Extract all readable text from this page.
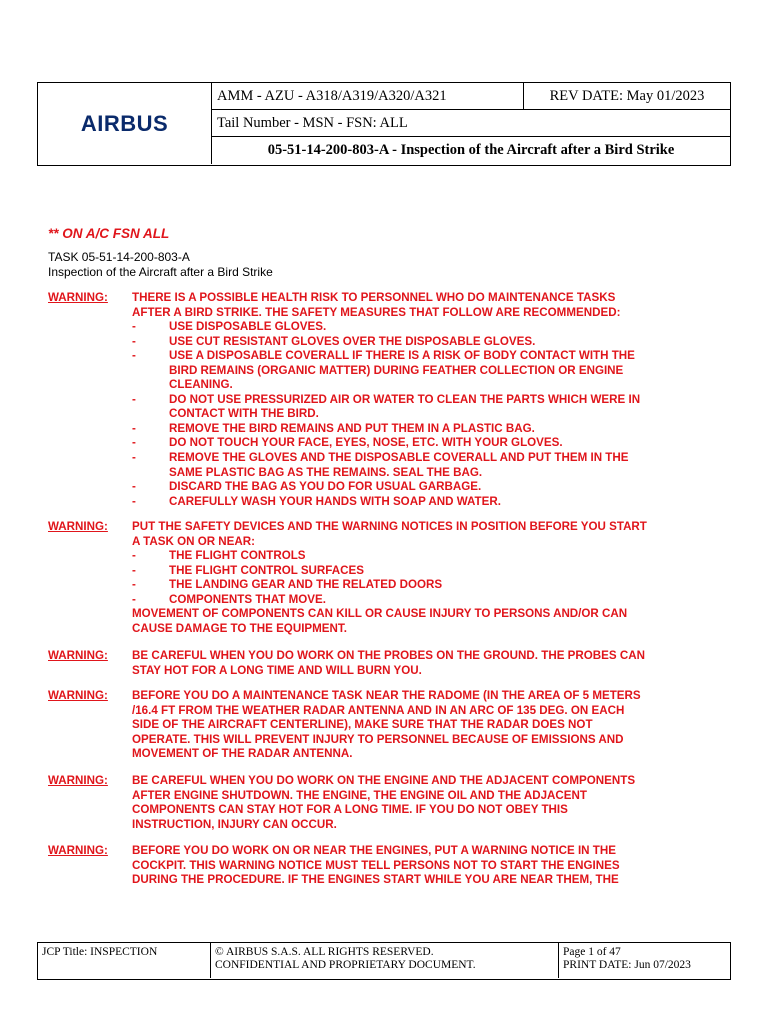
AIRBUS
AMM - AZU - A318/A319/A320/A321	REV DATE: May 01/2023
Tail Number - MSN - FSN: ALL
05-51-14-200-803-A - Inspection of the Aircraft after a Bird Strike
** ON A/C FSN ALL
TASK 05-51-14-200-803-A
Inspection of the Aircraft after a Bird Strike
WARNING: THERE IS A POSSIBLE HEALTH RISK TO PERSONNEL WHO DO MAINTENANCE TASKS
AFTER A BIRD STRIKE. THE SAFETY MEASURES THAT FOLLOW ARE RECOMMENDED:
-	USE DISPOSABLE GLOVES.
-	USE CUT RESISTANT GLOVES OVER THE DISPOSABLE GLOVES.
-	USE A DISPOSABLE COVERALL IF THERE IS A RISK OF BODY CONTACT WITH THE
BIRD REMAINS (ORGANIC MATTER) DURING FEATHER COLLECTION OR ENGINE
CLEANING.
-	DO NOT USE PRESSURIZED AIR OR WATER TO CLEAN THE PARTS WHICH WERE IN
CONTACT WITH THE BIRD.
-	REMOVE THE BIRD REMAINS AND PUT THEM IN A PLASTIC BAG.
-	DO NOT TOUCH YOUR FACE, EYES, NOSE, ETC. WITH YOUR GLOVES.
-	REMOVE THE GLOVES AND THE DISPOSABLE COVERALL AND PUT THEM IN THE
SAME PLASTIC BAG AS THE REMAINS. SEAL THE BAG.
-	DISCARD THE BAG AS YOU DO FOR USUAL GARBAGE.
-	CAREFULLY WASH YOUR HANDS WITH SOAP AND WATER.
WARNING: PUT THE SAFETY DEVICES AND THE WARNING NOTICES IN POSITION BEFORE YOU START
A TASK ON OR NEAR:
-	THE FLIGHT CONTROLS
-	THE FLIGHT CONTROL SURFACES
-	THE LANDING GEAR AND THE RELATED DOORS
-	COMPONENTS THAT MOVE.
MOVEMENT OF COMPONENTS CAN KILL OR CAUSE INJURY TO PERSONS AND/OR CAN
CAUSE DAMAGE TO THE EQUIPMENT.
WARNING: BE CAREFUL WHEN YOU DO WORK ON THE PROBES ON THE GROUND. THE PROBES CAN
STAY HOT FOR A LONG TIME AND WILL BURN YOU.
WARNING: BEFORE YOU DO A MAINTENANCE TASK NEAR THE RADOME (IN THE AREA OF 5 METERS
/16.4 FT FROM THE WEATHER RADAR ANTENNA AND IN AN ARC OF 135 DEG. ON EACH
SIDE OF THE AIRCRAFT CENTERLINE), MAKE SURE THAT THE RADAR DOES NOT
OPERATE. THIS WILL PREVENT INJURY TO PERSONNEL BECAUSE OF EMISSIONS AND
MOVEMENT OF THE RADAR ANTENNA.
WARNING: BE CAREFUL WHEN YOU DO WORK ON THE ENGINE AND THE ADJACENT COMPONENTS
AFTER ENGINE SHUTDOWN. THE ENGINE, THE ENGINE OIL AND THE ADJACENT
COMPONENTS CAN STAY HOT FOR A LONG TIME. IF YOU DO NOT OBEY THIS
INSTRUCTION, INJURY CAN OCCUR.
WARNING: BEFORE YOU DO WORK ON OR NEAR THE ENGINES, PUT A WARNING NOTICE IN THE
COCKPIT. THIS WARNING NOTICE MUST TELL PERSONS NOT TO START THE ENGINES
DURING THE PROCEDURE. IF THE ENGINES START WHILE YOU ARE NEAR THEM, THE
JCP Title: INSPECTION	© AIRBUS S.A.S. ALL RIGHTS RESERVED.
CONFIDENTIAL AND PROPRIETARY DOCUMENT.
Page 1 of 47
PRINT DATE: Jun 07/2023
